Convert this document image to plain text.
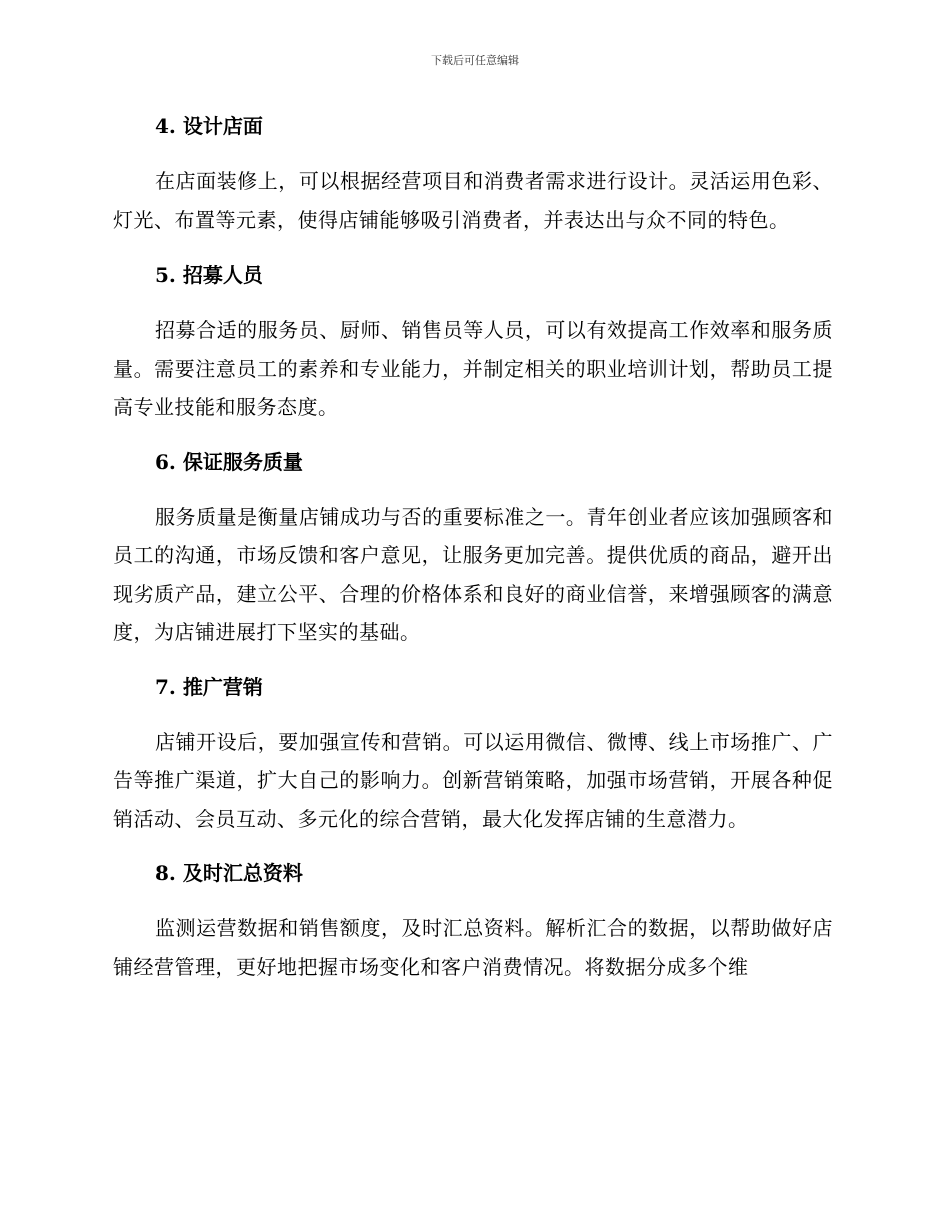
下载后可任意编辑
4. 设计店面

在店面装修上，可以根据经营项目和消费者需求进行设计。灵活运用色彩、灯光、布置等元素，使得店铺能够吸引消费者，并表达出与众不同的特色。

5. 招募人员

招募合适的服务员、厨师、销售员等人员，可以有效提高工作效率和服务质量。需要注意员工的素养和专业能力，并制定相关的职业培训计划，帮助员工提高专业技能和服务态度。

6. 保证服务质量

服务质量是衡量店铺成功与否的重要标准之一。青年创业者应该加强顾客和员工的沟通，市场反馈和客户意见，让服务更加完善。提供优质的商品，避开出现劣质产品，建立公平、合理的价格体系和良好的商业信誉，来增强顾客的满意度，为店铺进展打下坚实的基础。

7. 推广营销

店铺开设后，要加强宣传和营销。可以运用微信、微博、线上市场推广、广告等推广渠道，扩大自己的影响力。创新营销策略，加强市场营销，开展各种促销活动、会员互动、多元化的综合营销，最大化发挥店铺的生意潜力。

8. 及时汇总资料

监测运营数据和销售额度，及时汇总资料。解析汇合的数据，以帮助做好店铺经营管理，更好地把握市场变化和客户消费情况。将数据分成多个维
